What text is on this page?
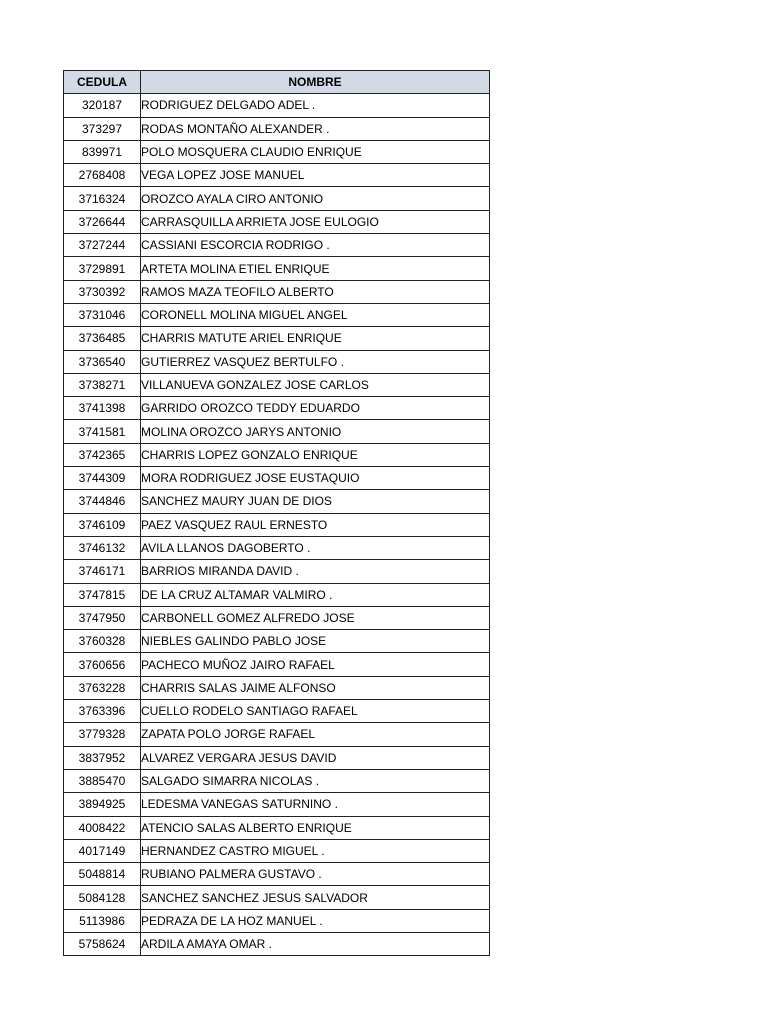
CEDULA	NOMBRE
320187	RODRIGUEZ DELGADO ADEL .
373297	RODAS MONTAÑO ALEXANDER .
839971	POLO MOSQUERA CLAUDIO ENRIQUE
2768408	VEGA LOPEZ JOSE MANUEL
3716324	OROZCO AYALA CIRO ANTONIO
3726644	CARRASQUILLA ARRIETA JOSE EULOGIO
3727244	CASSIANI ESCORCIA RODRIGO .
3729891	ARTETA MOLINA ETIEL ENRIQUE
3730392	RAMOS MAZA TEOFILO ALBERTO
3731046	CORONELL MOLINA MIGUEL ANGEL
3736485	CHARRIS MATUTE ARIEL ENRIQUE
3736540	GUTIERREZ VASQUEZ BERTULFO .
3738271	VILLANUEVA GONZALEZ JOSE CARLOS
3741398	GARRIDO OROZCO TEDDY EDUARDO
3741581	MOLINA OROZCO JARYS ANTONIO
3742365	CHARRIS LOPEZ GONZALO ENRIQUE
3744309	MORA RODRIGUEZ JOSE EUSTAQUIO
3744846	SANCHEZ MAURY JUAN DE DIOS
3746109	PAEZ VASQUEZ RAUL ERNESTO
3746132	AVILA LLANOS DAGOBERTO .
3746171	BARRIOS MIRANDA DAVID .
3747815	DE LA CRUZ ALTAMAR VALMIRO .
3747950	CARBONELL GOMEZ ALFREDO JOSE
3760328	NIEBLES GALINDO PABLO JOSE
3760656	PACHECO MUÑOZ JAIRO RAFAEL
3763228	CHARRIS SALAS JAIME ALFONSO
3763396	CUELLO RODELO SANTIAGO RAFAEL
3779328	ZAPATA POLO JORGE RAFAEL
3837952	ALVAREZ VERGARA JESUS DAVID
3885470	SALGADO SIMARRA NICOLAS .
3894925	LEDESMA VANEGAS SATURNINO .
4008422	ATENCIO SALAS ALBERTO ENRIQUE
4017149	HERNANDEZ CASTRO MIGUEL .
5048814	RUBIANO PALMERA GUSTAVO .
5084128	SANCHEZ SANCHEZ JESUS SALVADOR
5113986	PEDRAZA DE LA HOZ MANUEL .
5758624	ARDILA AMAYA OMAR .
